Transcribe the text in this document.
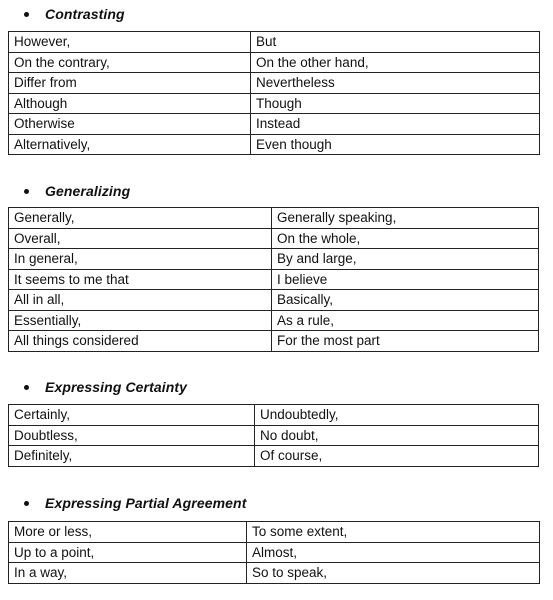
Contrasting
However,	But
On the contrary,	On the other hand,
Differ from	Nevertheless
Although	Though
Otherwise	Instead
Alternatively,	Even though
Generalizing
Generally,	Generally speaking,
Overall,	On the whole,
In general,	By and large,
It seems to me that	I believe
All in all,	Basically,
Essentially,	As a rule,
All things considered	For the most part
Expressing Certainty
Certainly,	Undoubtedly,
Doubtless,	No doubt,
Definitely,	Of course,
Expressing Partial Agreement
More or less,	To some extent,
Up to a point,	Almost,
In a way,	So to speak,
